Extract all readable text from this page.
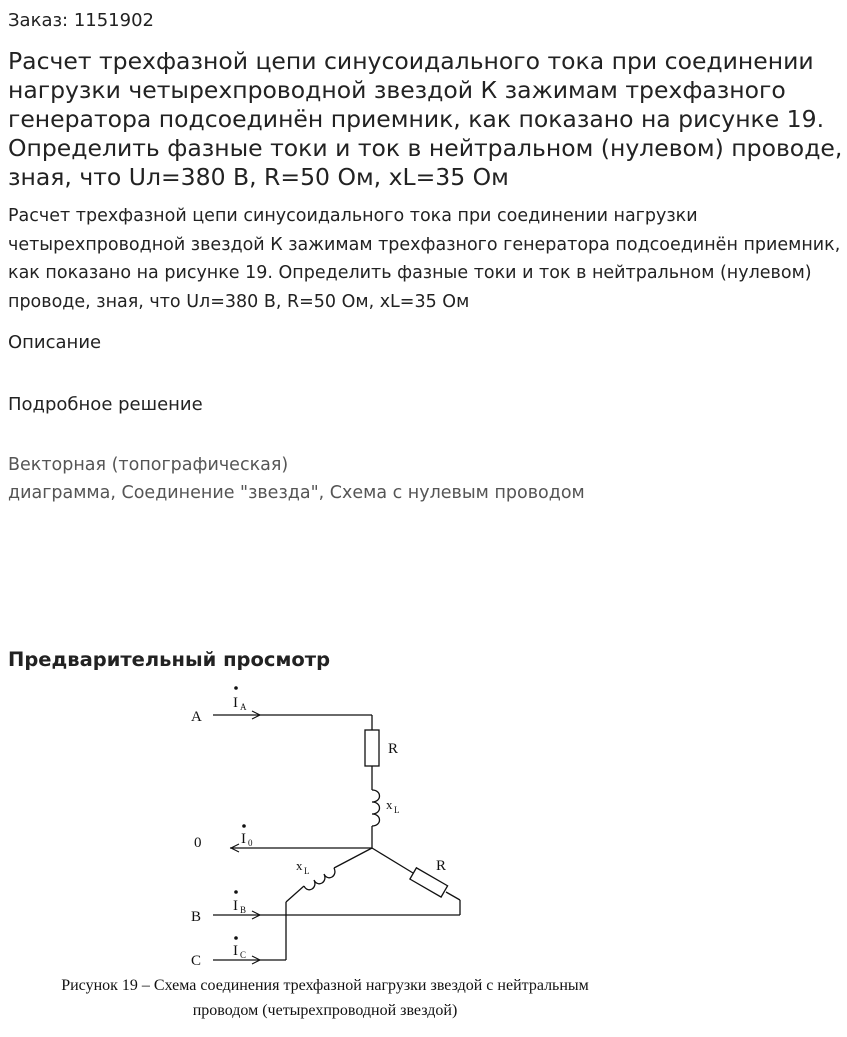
Заказ: 1151902
Расчет трехфазной цепи синусоидального тока при соединении нагрузки четырехпроводной звездой К зажимам трехфазного генератора подсоединён приемник, как показано на рисунке 19. Определить фазные токи и ток в нейтральном (нулевом) проводе, зная, что Uл=380 В, R=50 Ом, xL=35 Ом

Расчет трехфазной цепи синусоидального тока при соединении нагрузки четырехпроводной звездой К зажимам трехфазного генератора подсоединён приемник, как показано на рисунке 19. Определить фазные токи и ток в нейтральном (нулевом) проводе, зная, что Uл=380 В, R=50 Ом, xL=35 Ом

Описание
Подробное решение
Векторная (топографическая)
диаграмма, Соединение "звезда", Схема с нулевым проводом
Предварительный просмотр
A
0
B
C
R
R
x L
x L
I A
I 0
I B
I C
Рисунок 19 – Схема соединения трехфазной нагрузки звездой с нейтральным
проводом (четырехпроводной звездой)
